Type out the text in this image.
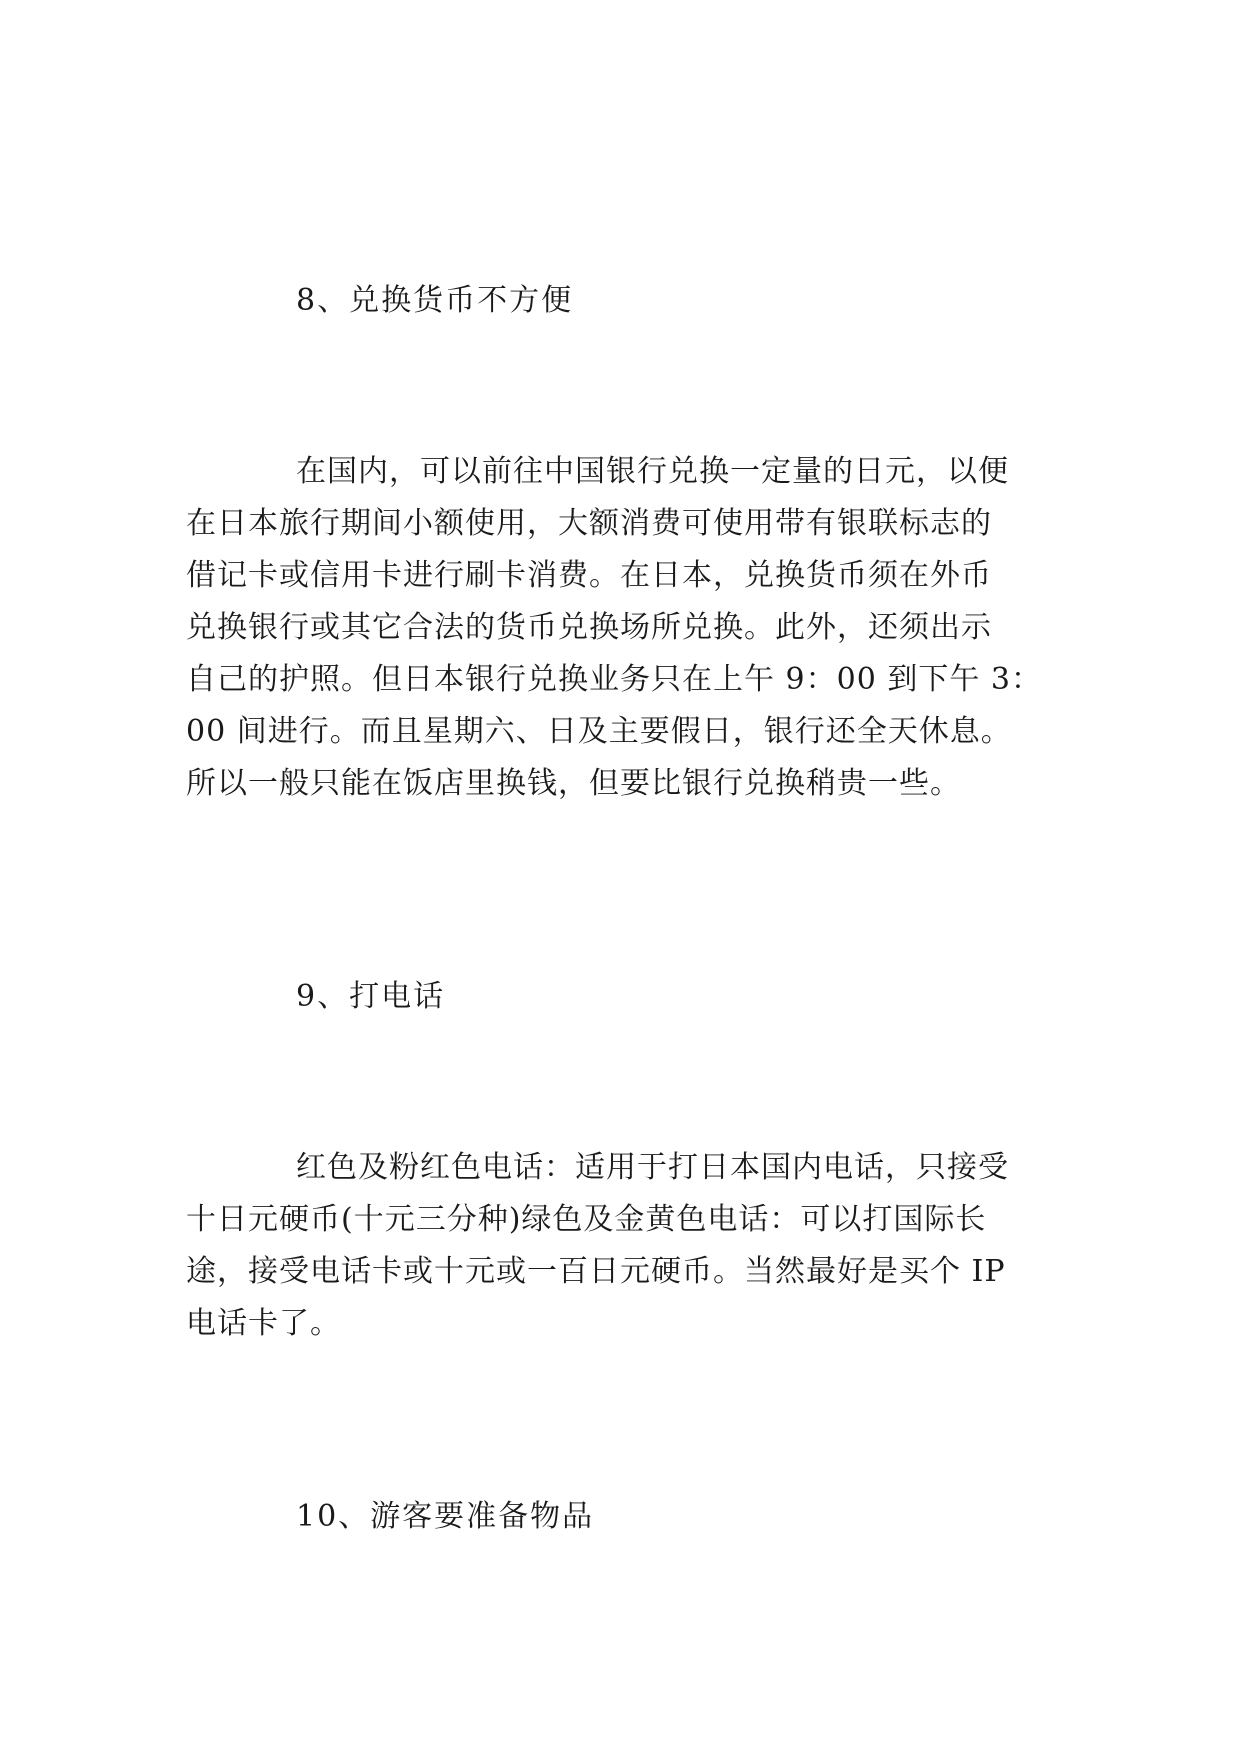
8、兑换货币不方便
在国内，可以前往中国银行兑换一定量的日元，以便
在日本旅行期间小额使用，大额消费可使用带有银联标志的
借记卡或信用卡进行刷卡消费。在日本，兑换货币须在外币
兑换银行或其它合法的货币兑换场所兑换。此外，还须出示
自己的护照。但日本银行兑换业务只在上午 9：00 到下午 3：
00 间进行。而且星期六、日及主要假日，银行还全天休息。
所以一般只能在饭店里换钱，但要比银行兑换稍贵一些。
9、打电话
红色及粉红色电话：适用于打日本国内电话，只接受
十日元硬币(十元三分种)绿色及金黄色电话：可以打国际长
途，接受电话卡或十元或一百日元硬币。当然最好是买个 IP
电话卡了。
10、游客要准备物品
